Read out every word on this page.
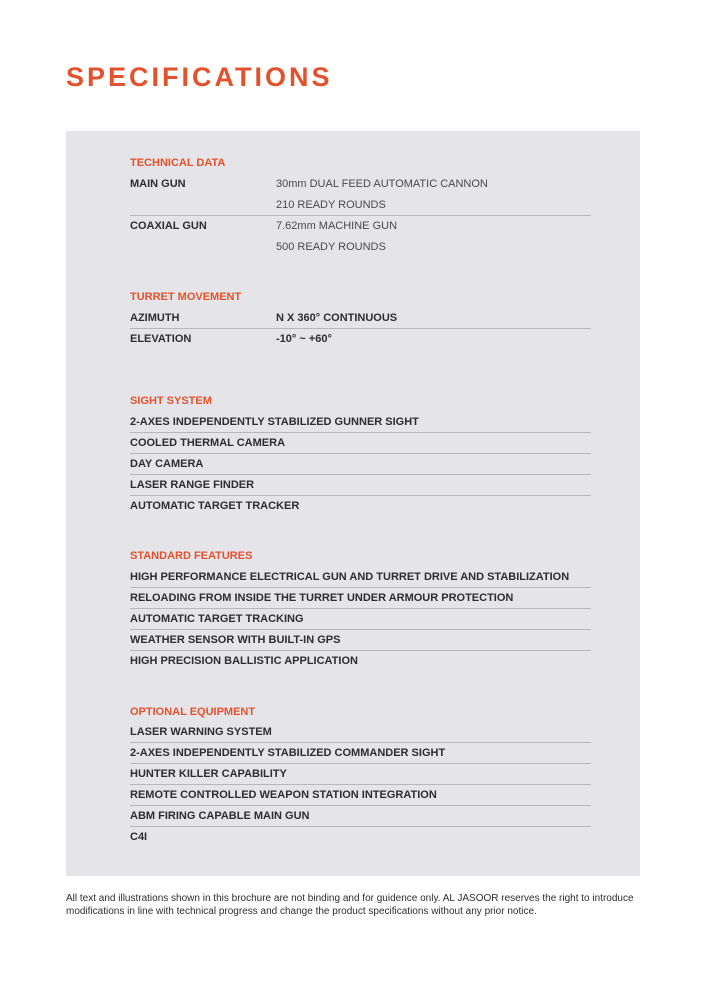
SPECIFICATIONS
TECHNICAL DATA
MAIN GUN	30mm DUAL FEED AUTOMATIC CANNON
210 READY ROUNDS
COAXIAL GUN	7.62mm MACHINE GUN
500 READY ROUNDS
TURRET MOVEMENT
AZIMUTH	N X 360° CONTINUOUS
ELEVATION	-10° ~ +60°
SIGHT SYSTEM
2-AXES INDEPENDENTLY STABILIZED GUNNER SIGHT
COOLED THERMAL CAMERA
DAY CAMERA
LASER RANGE FINDER
AUTOMATIC TARGET TRACKER
STANDARD FEATURES
HIGH PERFORMANCE ELECTRICAL GUN AND TURRET DRIVE AND STABILIZATION
RELOADING FROM INSIDE THE TURRET UNDER ARMOUR PROTECTION
AUTOMATIC TARGET TRACKING
WEATHER SENSOR WITH BUILT-IN GPS
HIGH PRECISION BALLISTIC APPLICATION
OPTIONAL EQUIPMENT
LASER WARNING SYSTEM
2-AXES INDEPENDENTLY STABILIZED COMMANDER SIGHT
HUNTER KILLER CAPABILITY
REMOTE CONTROLLED WEAPON STATION INTEGRATION
ABM FIRING CAPABLE MAIN GUN
C4I
All text and illustrations shown in this brochure are not binding and for guidence only. AL JASOOR reserves the right to introduce modifications in line with technical progress and change the product specifications without any prior notice.
